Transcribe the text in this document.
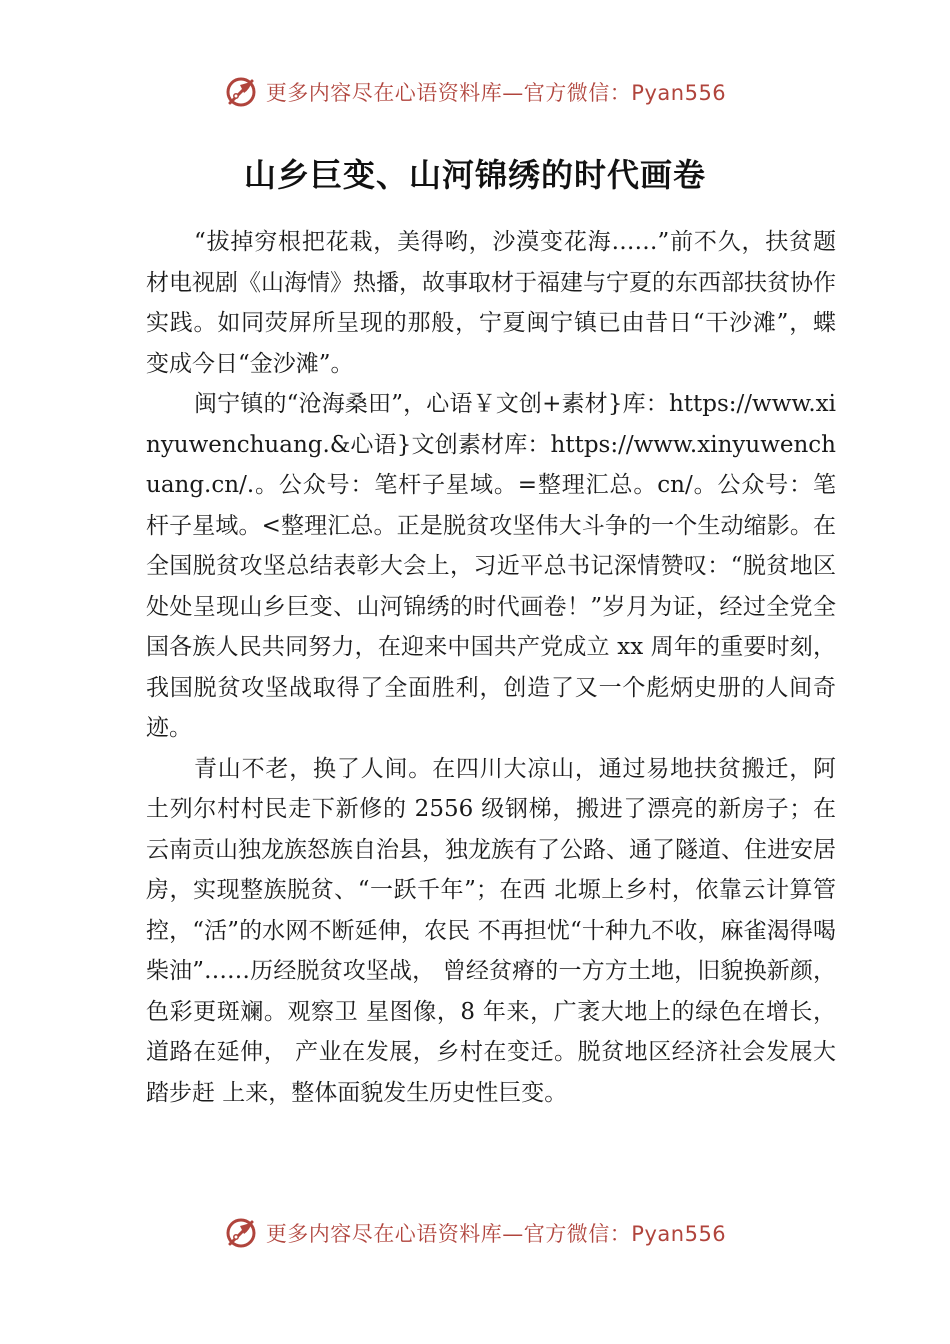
更多内容尽在心语资料库—官方微信：Pyan556
山乡巨变、山河锦绣的时代画卷

“拔掉穷根把花栽，美得哟，沙漠变花海……”前不久，扶贫题材电视剧《山海情》热播，故事取材于福建与宁夏的东西部扶贫协作实践。如同荧屏所呈现的那般，宁夏闽宁镇已由昔日“干沙滩”，蝶变成今日“金沙滩”。

闽宁镇的“沧海桑田”，心语￥文创+素材}库：https://www.xinyuwenchuang.&心语}文创素材库：https://www.xinyuwenchuang.cn/.。公众号：笔杆子星域。=整理汇总。cn/。公众号：笔杆子星域。<整理汇总。正是脱贫攻坚伟大斗争的一个生动缩影。在全国脱贫攻坚总结表彰大会上，习近平总书记深情赞叹：“脱贫地区处处呈现山乡巨变、山河锦绣的时代画卷！”岁月为证，经过全党全国各族人民共同努力，在迎来中国共产党成立 xx 周年的重要时刻，我国脱贫攻坚战取得了全面胜利，创造了又一个彪炳史册的人间奇迹。

青山不老，换了人间。在四川大凉山，通过易地扶贫搬迁，阿土列尔村村民走下新修的 2556 级钢梯，搬进了漂亮的新房子；在云南贡山独龙族怒族自治县，独龙族有了公路、通了隧道、住进安居房，实现整族脱贫、“一跃千年”；在西 北塬上乡村，依靠云计算管控，“活”的水网不断延伸，农民 不再担忧“十种九不收，麻雀渴得喝柴油”……历经脱贫攻坚战， 曾经贫瘠的一方方土地，旧貌换新颜，色彩更斑斓。观察卫 星图像，8 年来，广袤大地上的绿色在增长，道路在延伸， 产业在发展，乡村在变迁。脱贫地区经济社会发展大踏步赶 上来，整体面貌发生历史性巨变。

更多内容尽在心语资料库—官方微信：Pyan556
